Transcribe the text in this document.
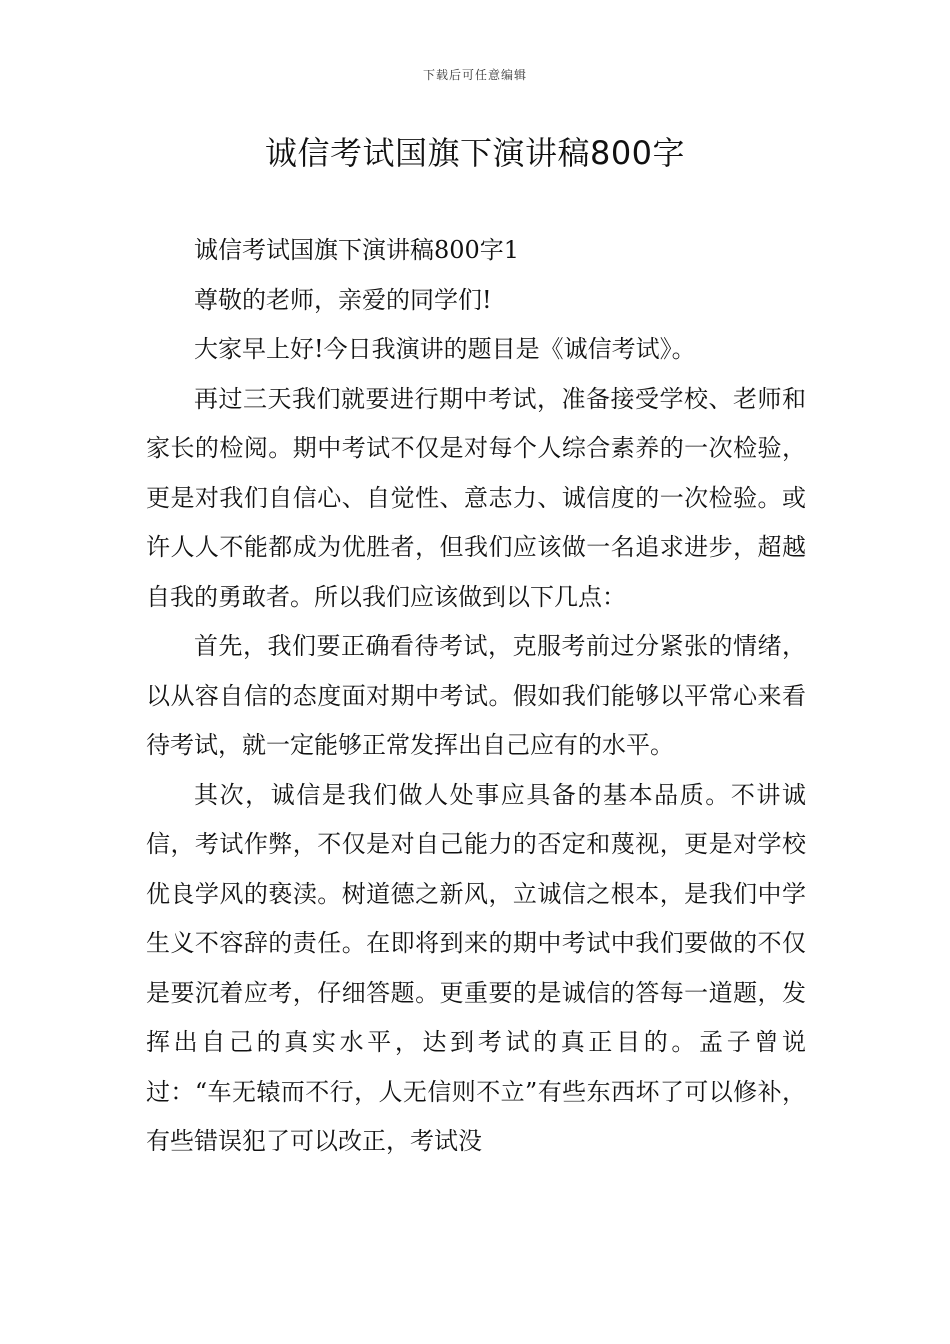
下载后可任意编辑
诚信考试国旗下演讲稿800字

诚信考试国旗下演讲稿800字1

尊敬的老师，亲爱的同学们!

大家早上好!今日我演讲的题目是《诚信考试》。

再过三天我们就要进行期中考试，准备接受学校、老师和家长的检阅。期中考试不仅是对每个人综合素养的一次检验，更是对我们自信心、自觉性、意志力、诚信度的一次检验。或许人人不能都成为优胜者，但我们应该做一名追求进步，超越自我的勇敢者。所以我们应该做到以下几点：

首先，我们要正确看待考试，克服考前过分紧张的情绪，以从容自信的态度面对期中考试。假如我们能够以平常心来看待考试，就一定能够正常发挥出自己应有的水平。

其次，诚信是我们做人处事应具备的基本品质。不讲诚信，考试作弊，不仅是对自己能力的否定和蔑视，更是对学校优良学风的亵渎。树道德之新风，立诚信之根本，是我们中学生义不容辞的责任。在即将到来的期中考试中我们要做的不仅是要沉着应考，仔细答题。更重要的是诚信的答每一道题，发挥出自己的真实水平，达到考试的真正目的。孟子曾说过：“车无辕而不行，人无信则不立”有些东西坏了可以修补，有些错误犯了可以改正，考试没
